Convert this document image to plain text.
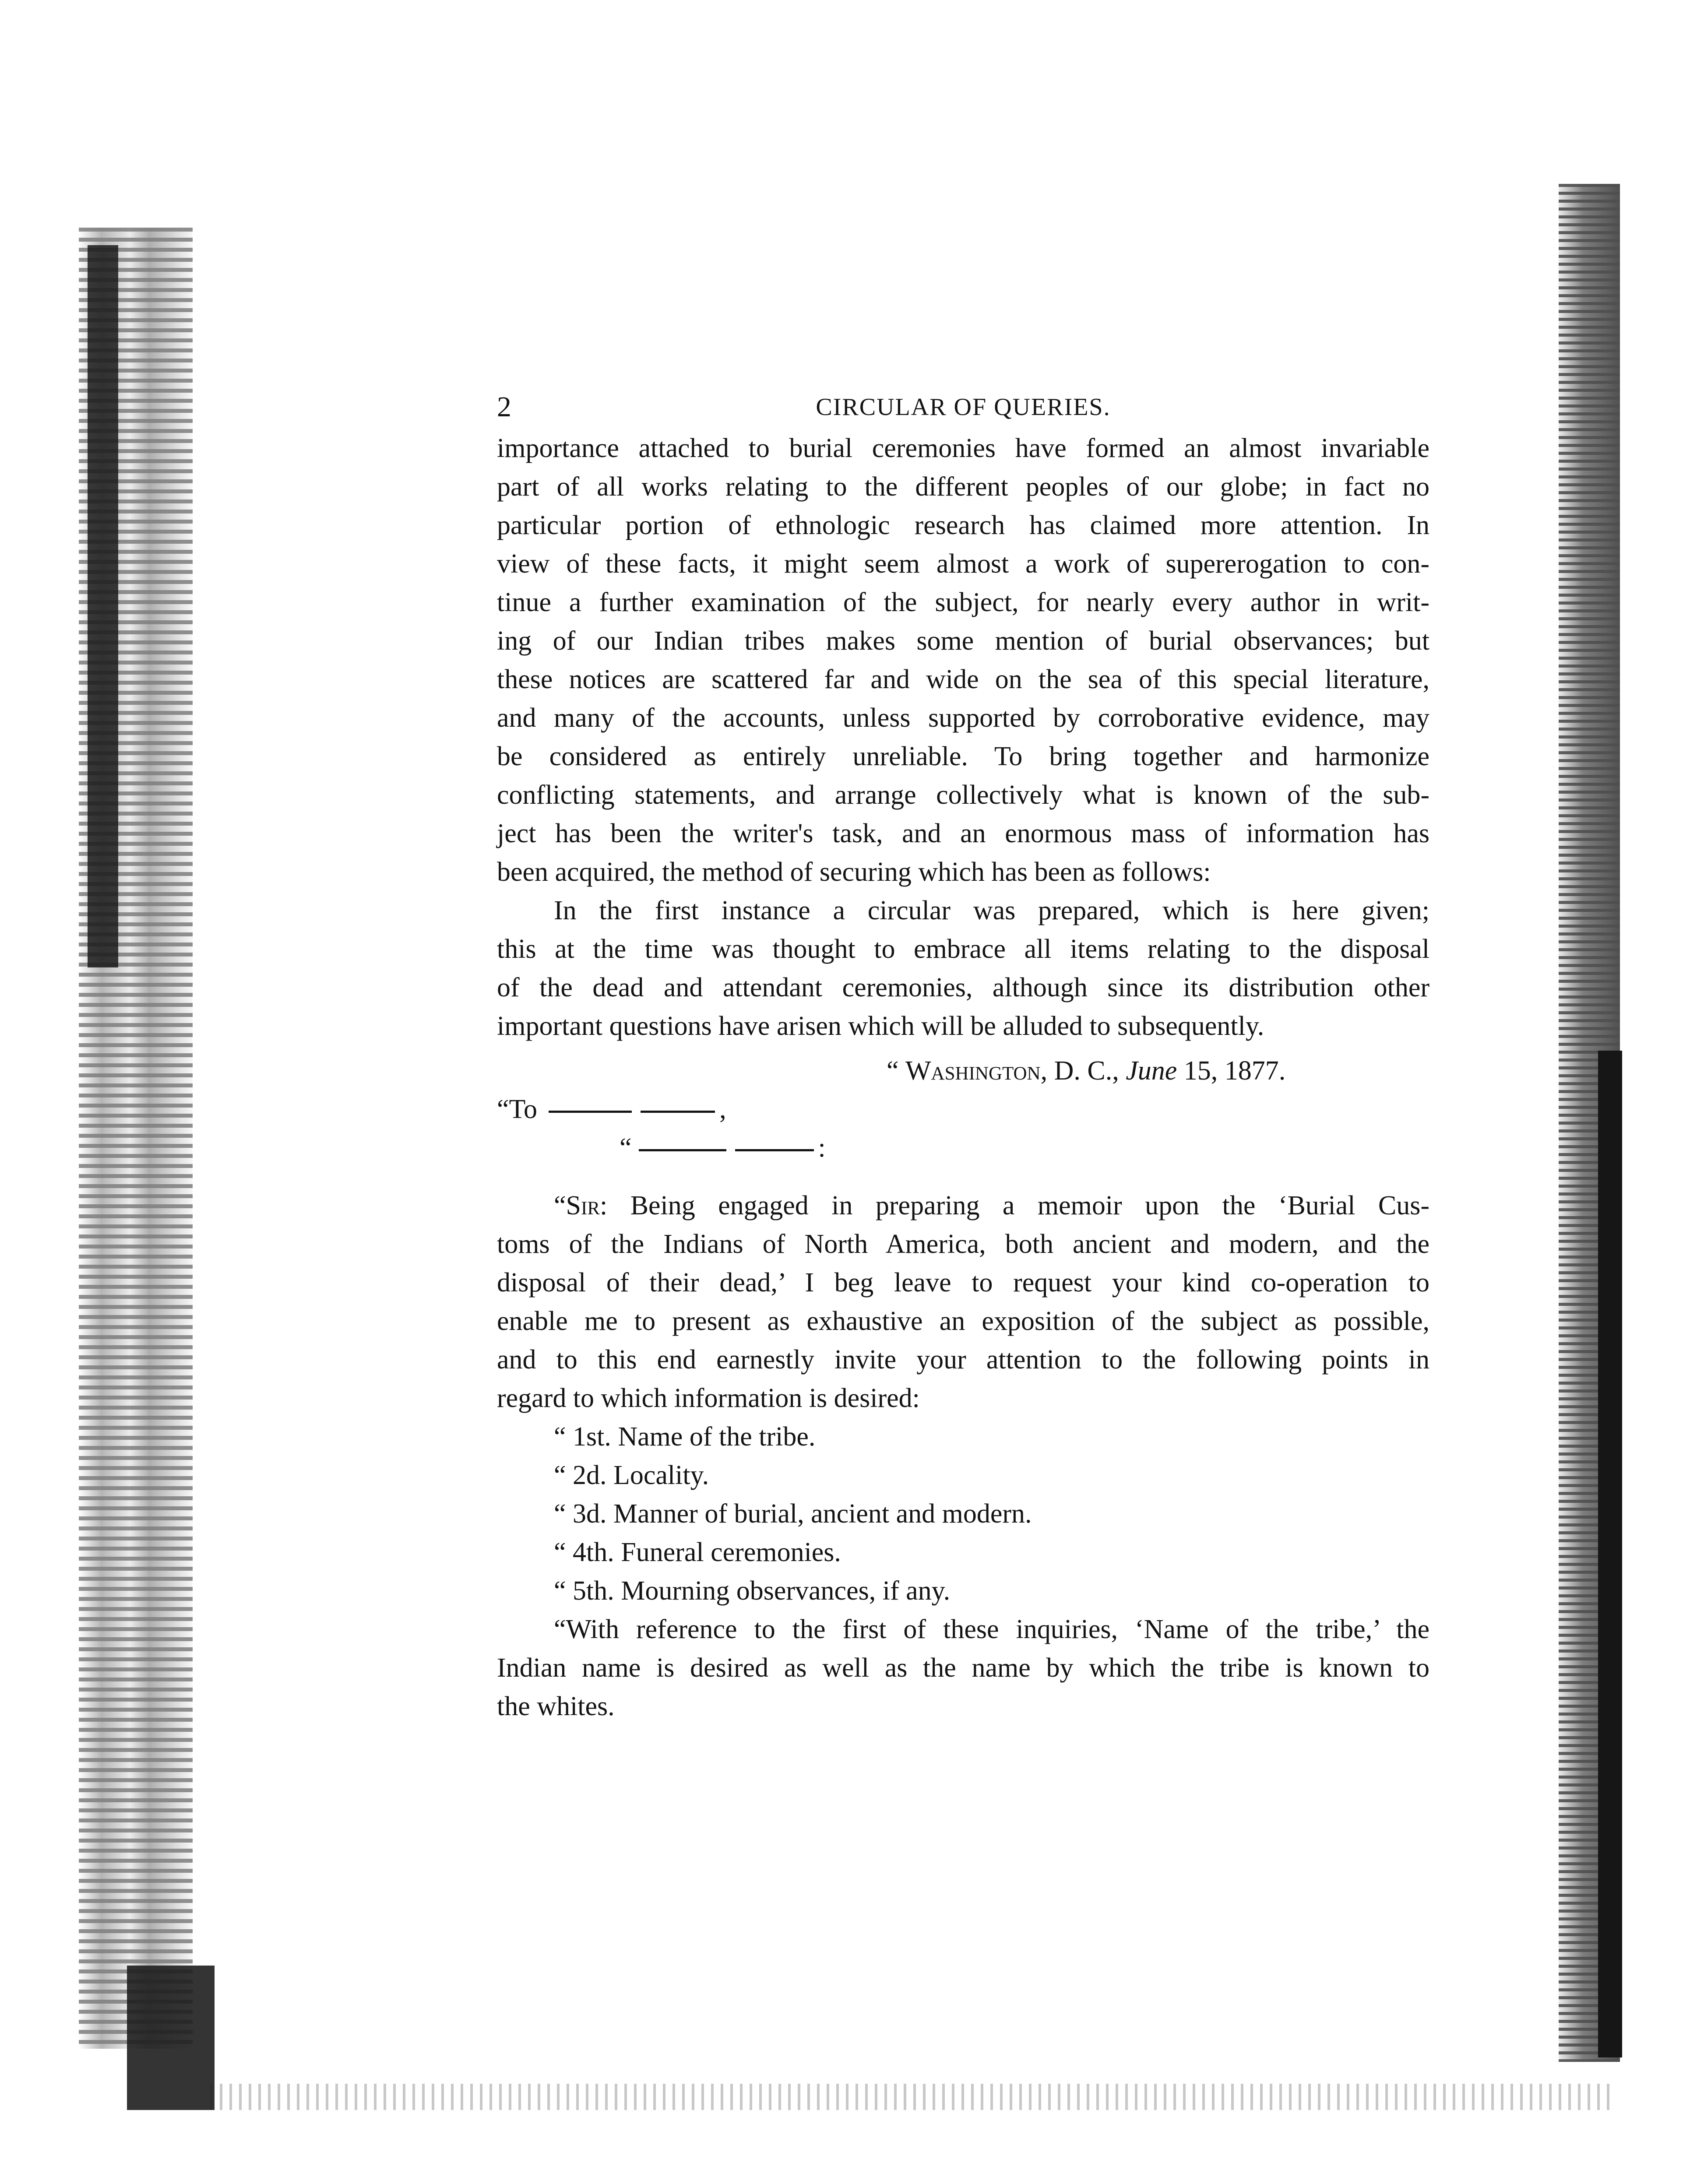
2	CIRCULAR OF QUERIES.
importance attached to burial ceremonies have formed an almost invariable
part of all works relating to the different peoples of our globe; in fact no
particular portion of ethnologic research has claimed more attention. In
view of these facts, it might seem almost a work of supererogation to con-
tinue a further examination of the subject, for nearly every author in writ-
ing of our Indian tribes makes some mention of burial observances; but
these notices are scattered far and wide on the sea of this special literature,
and many of the accounts, unless supported by corroborative evidence, may
be considered as entirely unreliable. To bring together and harmonize
conflicting statements, and arrange collectively what is known of the sub-
ject has been the writer's task, and an enormous mass of information has
been acquired, the method of securing which has been as follows:
In the first instance a circular was prepared, which is here given;
this at the time was thought to embrace all items relating to the disposal
of the dead and attendant ceremonies, although since its distribution other
important questions have arisen which will be alluded to subsequently.
“ Washington, D. C., June 15, 1877.
“To	,
“	:
“Sir: Being engaged in preparing a memoir upon the ‘Burial Cus-
toms of the Indians of North America, both ancient and modern, and the
disposal of their dead,’ I beg leave to request your kind co-operation to
enable me to present as exhaustive an exposition of the subject as possible,
and to this end earnestly invite your attention to the following points in
regard to which information is desired:
“ 1st. Name of the tribe.
“ 2d. Locality.
“ 3d. Manner of burial, ancient and modern.
“ 4th. Funeral ceremonies.
“ 5th. Mourning observances, if any.
“With reference to the first of these inquiries, ‘Name of the tribe,’ the
Indian name is desired as well as the name by which the tribe is known to
the whites.
